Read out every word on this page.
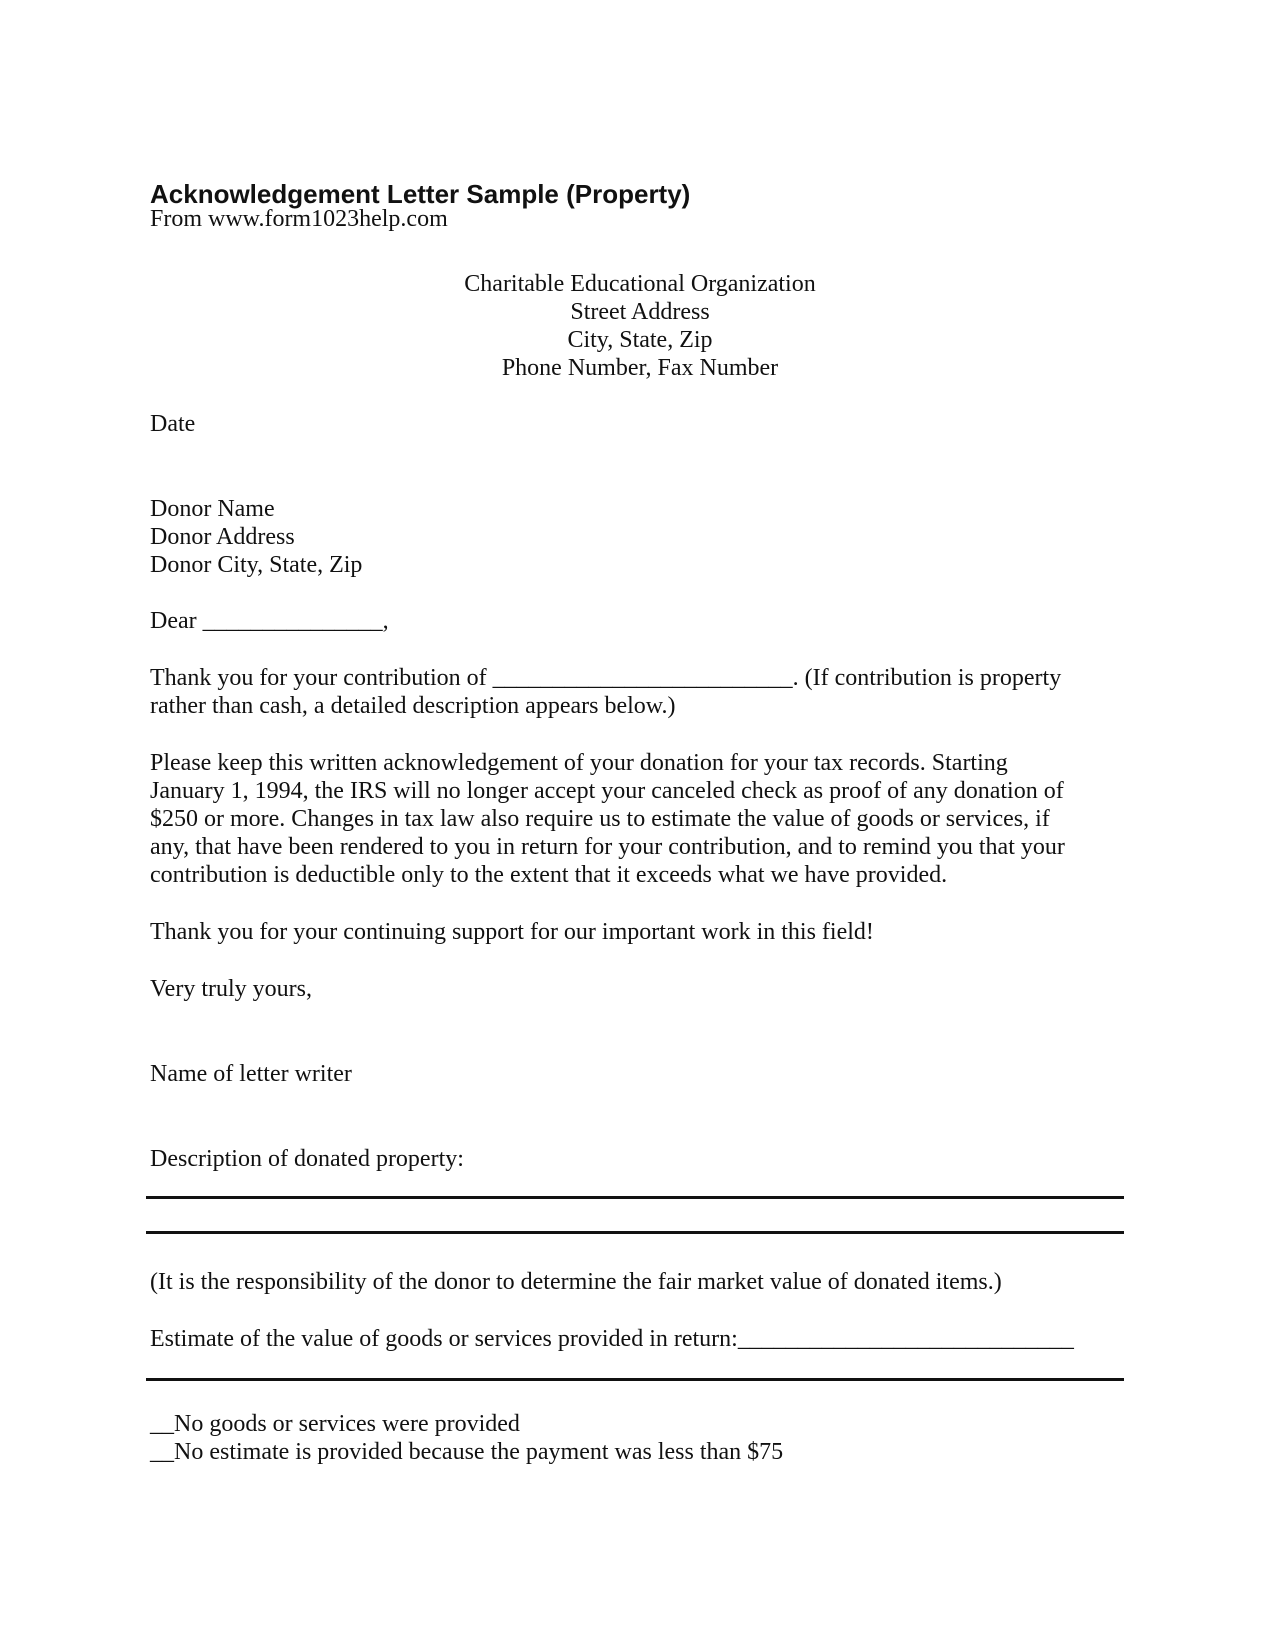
Acknowledgement Letter Sample (Property)
From www.form1023help.com
Charitable Educational Organization
Street Address
City, State, Zip
Phone Number, Fax Number
Date
Donor Name
Donor Address
Donor City, State, Zip
Dear _______________,
Thank you for your contribution of _________________________. (If contribution is property
rather than cash, a detailed description appears below.)
Please keep this written acknowledgement of your donation for your tax records. Starting
January 1, 1994, the IRS will no longer accept your canceled check as proof of any donation of
$250 or more. Changes in tax law also require us to estimate the value of goods or services, if
any, that have been rendered to you in return for your contribution, and to remind you that your
contribution is deductible only to the extent that it exceeds what we have provided.
Thank you for your continuing support for our important work in this field!
Very truly yours,
Name of letter writer
Description of donated property:
(It is the responsibility of the donor to determine the fair market value of donated items.)
Estimate of the value of goods or services provided in return:____________________________
__No goods or services were provided
__No estimate is provided because the payment was less than $75
